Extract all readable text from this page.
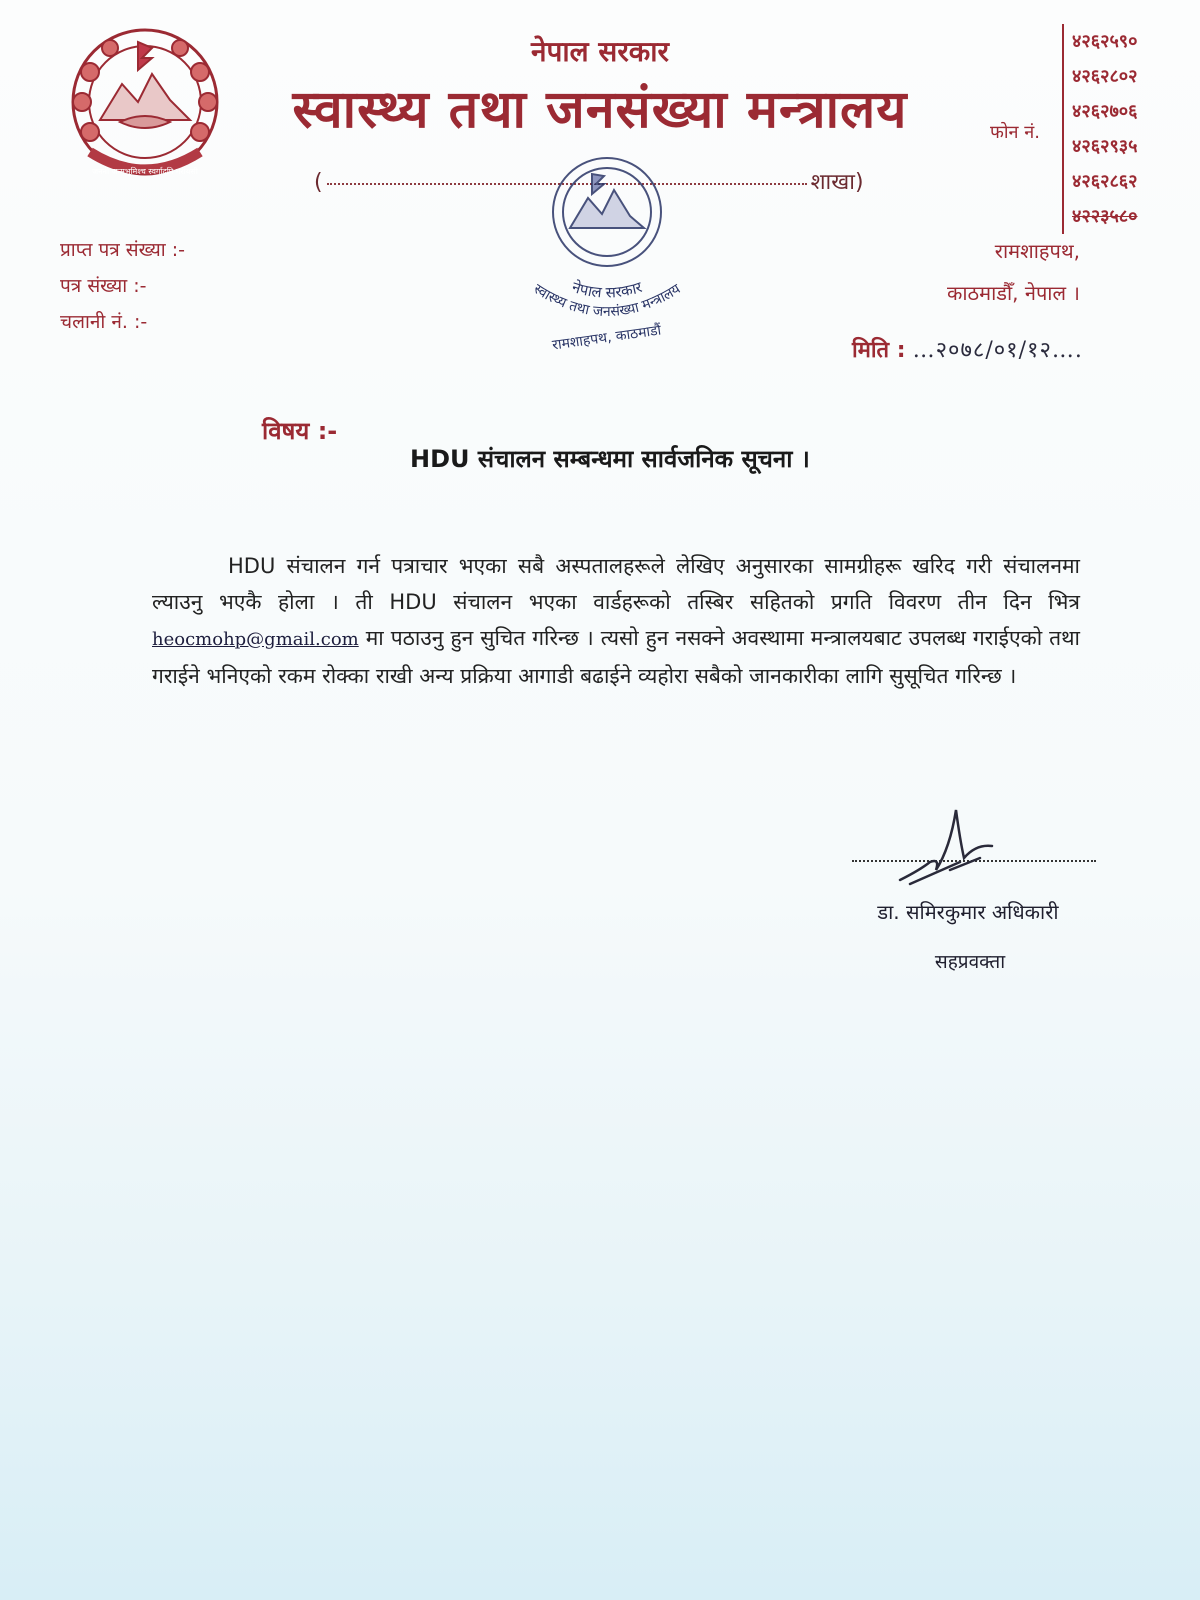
जननी जन्मभूमिश्च स्वर्गादपि गरीयसी
नेपाल सरकार
स्वास्थ्य तथा जनसंख्या मन्त्रालय
(	शाखा)
फोन नं.
४२६२५९०
४२६२८०२
४२६२७०६
४२६२९३५
४२६२८६२
४२२३५८०
प्राप्त पत्र संख्या :-
पत्र संख्या :-
चलानी नं. :-
नेपाल सरकार
स्वास्थ्य तथा जनसंख्या मन्त्रालय
रामशाहपथ, काठमाडौं
रामशाहपथ,
काठमाडौँ, नेपाल ।
मिति : …२०७८/०१/१२….
विषय :-
HDU संचालन सम्बन्धमा सार्वजनिक सूचना ।

HDU संचालन गर्न पत्राचार भएका सबै अस्पतालहरूले लेखिए अनुसारका सामग्रीहरू खरिद गरी संचालनमा ल्याउनु भएकै होला । ती HDU संचालन भएका वार्डहरूको तस्बिर सहितको प्रगति विवरण तीन दिन भित्र heocmohp@gmail.com मा पठाउनु हुन सुचित गरिन्छ । त्यसो हुन नसक्ने अवस्थामा मन्त्रालयबाट उपलब्ध गराईएको तथा गराईने भनिएको रकम रोक्का राखी अन्य प्रक्रिया आगाडी बढाईने व्यहोरा सबैको जानकारीका लागि सुसूचित गरिन्छ ।

डा. समिरकुमार अधिकारी
सहप्रवक्ता
